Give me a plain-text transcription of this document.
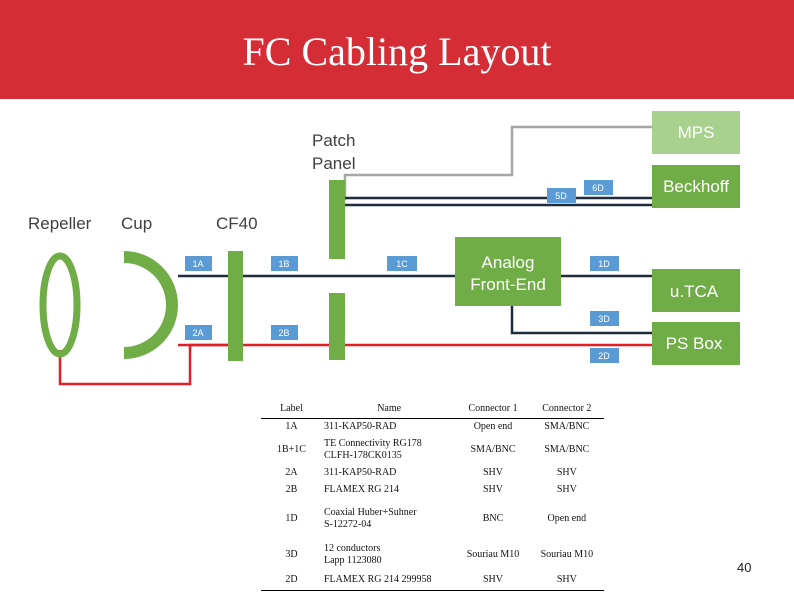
FC Cabling Layout
Repeller Cup	CF40
Patch
Panel
MPS
Beckhoff
Analog
Front-End	u.TCA
PS Box
1A	1B	1C	1D
2A	2B
3D
2D
5D
6D
Label	Name	Connector 1	Connector 2
1A	311-KAP50-RAD	Open end	SMA/BNC
1B+1C	TE Connectivity RG178
CLFH-178CK0135	SMA/BNC	SMA/BNC
2A	311-KAP50-RAD	SHV	SHV
2B	FLAMEX RG 214	SHV	SHV
1D	Coaxial Huber+Suhner
S-12272-04	BNC	Open end
3D	12 conductors
Lapp 1123080	Souriau M10	Souriau M10
2D	FLAMEX RG 214 299958	SHV	SHV
40
